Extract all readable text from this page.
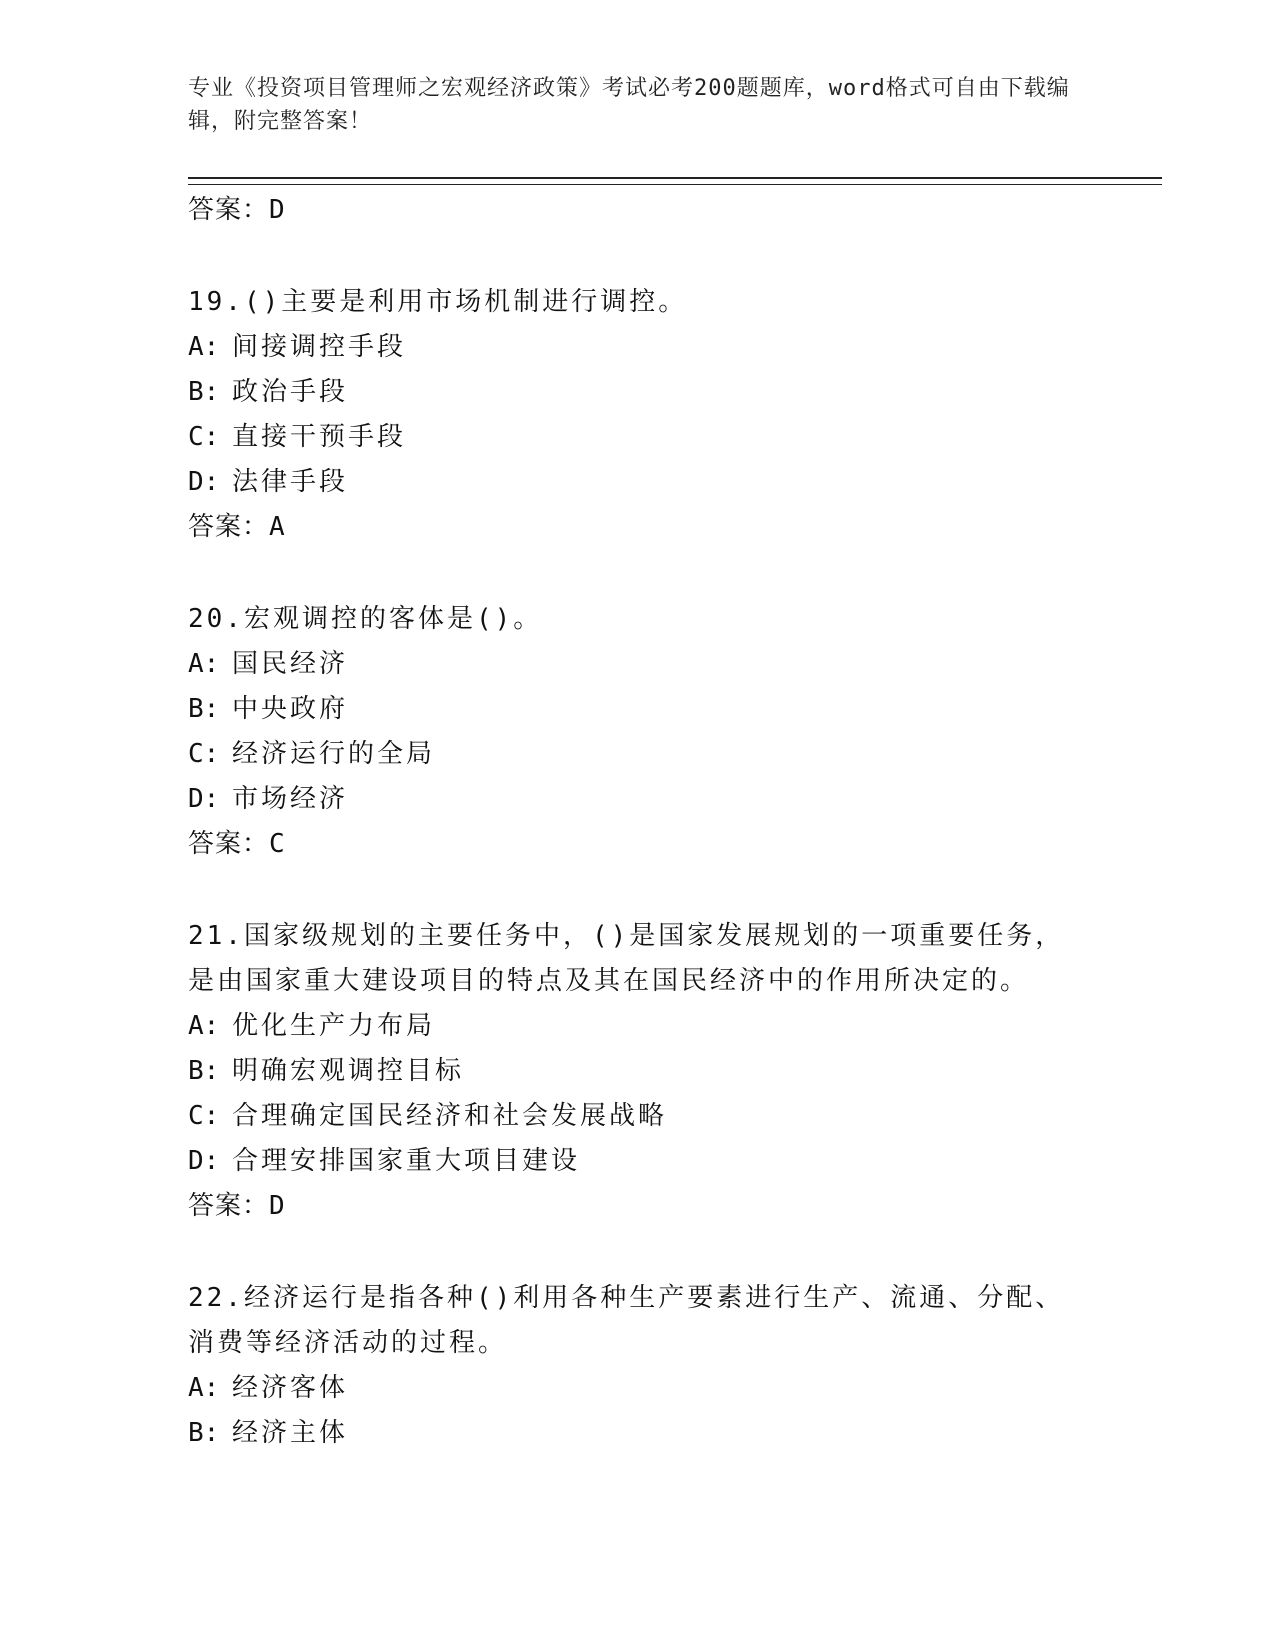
专业《投资项目管理师之宏观经济政策》考试必考200题题库，word格式可自由下载编辑，附完整答案！
答案：D
19.()主要是利用市场机制进行调控。
A: 间接调控手段
B: 政治手段
C: 直接干预手段
D: 法律手段
答案：A
20.宏观调控的客体是()。
A: 国民经济
B: 中央政府
C: 经济运行的全局
D: 市场经济
答案：C
21.国家级规划的主要任务中，()是国家发展规划的一项重要任务，是由国家重大建设项目的特点及其在国民经济中的作用所决定的。
A: 优化生产力布局
B: 明确宏观调控目标
C: 合理确定国民经济和社会发展战略
D: 合理安排国家重大项目建设
答案：D
22.经济运行是指各种()利用各种生产要素进行生产、流通、分配、消费等经济活动的过程。
A: 经济客体
B: 经济主体
